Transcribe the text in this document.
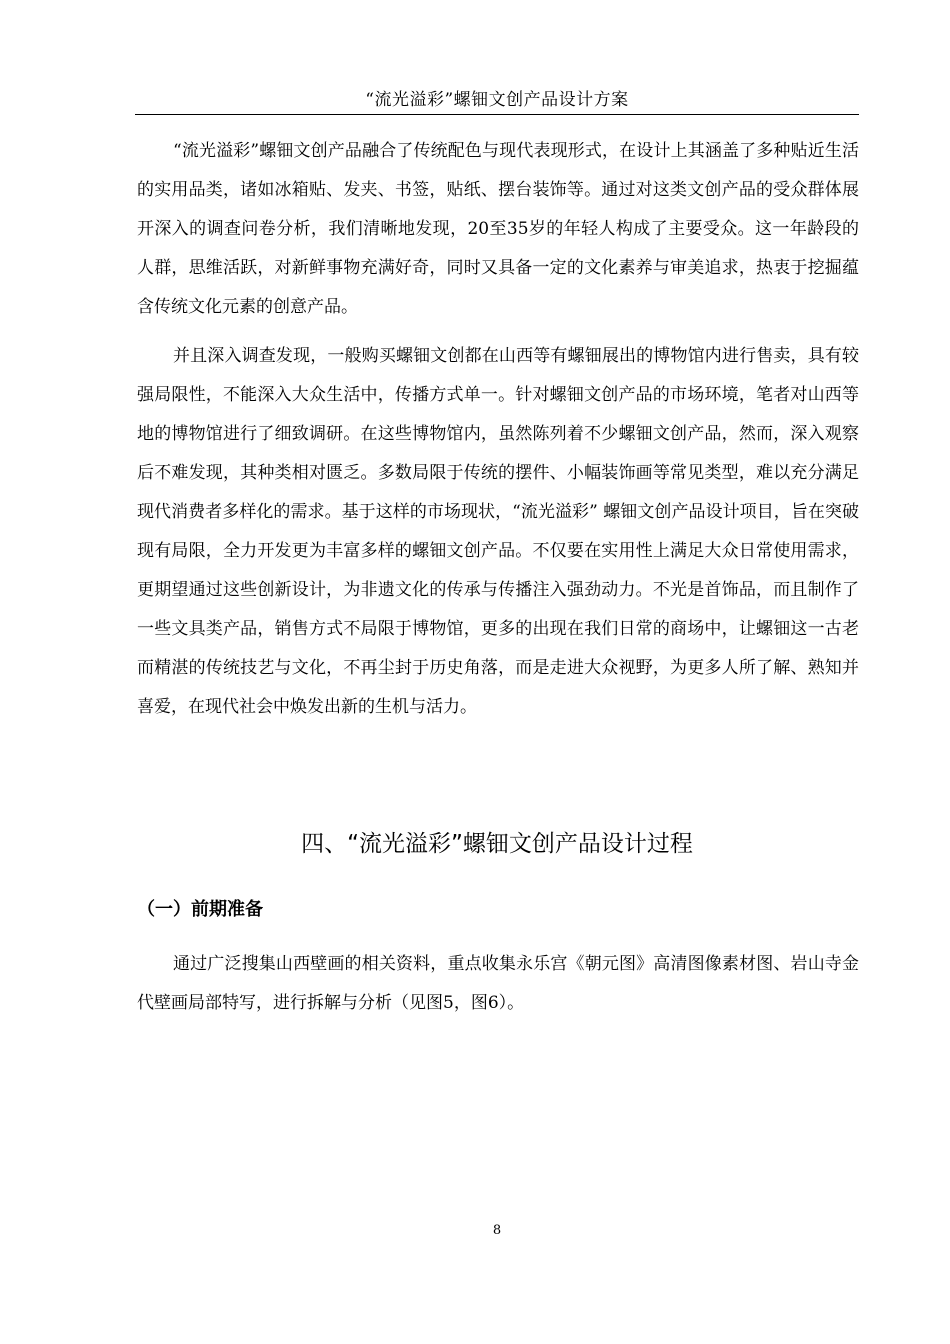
“流光溢彩”螺钿文创产品设计方案

“流光溢彩”螺钿文创产品融合了传统配色与现代表现形式，在设计上其涵盖了多种贴近生活的实用品类，诸如冰箱贴、发夹、书签，贴纸、摆台装饰等。通过对这类文创产品的受众群体展开深入的调查问卷分析，我们清晰地发现，20至35岁的年轻人构成了主要受众。这一年龄段的人群，思维活跃，对新鲜事物充满好奇，同时又具备一定的文化素养与审美追求，热衷于挖掘蕴含传统文化元素的创意产品。

并且深入调查发现，一般购买螺钿文创都在山西等有螺钿展出的博物馆内进行售卖，具有较强局限性，不能深入大众生活中，传播方式单一。针对螺钿文创产品的市场环境，笔者对山西等地的博物馆进行了细致调研。在这些博物馆内，虽然陈列着不少螺钿文创产品，然而，深入观察后不难发现，其种类相对匮乏。多数局限于传统的摆件、小幅装饰画等常见类型，难以充分满足现代消费者多样化的需求。基于这样的市场现状，“流光溢彩” 螺钿文创产品设计项目，旨在突破现有局限，全力开发更为丰富多样的螺钿文创产品。不仅要在实用性上满足大众日常使用需求，更期望通过这些创新设计，为非遗文化的传承与传播注入强劲动力。不光是首饰品，而且制作了一些文具类产品，销售方式不局限于博物馆，更多的出现在我们日常的商场中，让螺钿这一古老而精湛的传统技艺与文化，不再尘封于历史角落，而是走进大众视野，为更多人所了解、熟知并喜爱，在现代社会中焕发出新的生机与活力。

四、“流光溢彩”螺钿文创产品设计过程
（一）前期准备

通过广泛搜集山西壁画的相关资料，重点收集永乐宫《朝元图》高清图像素材图、岩山寺金代壁画局部特写，进行拆解与分析（见图5，图6）。

8
